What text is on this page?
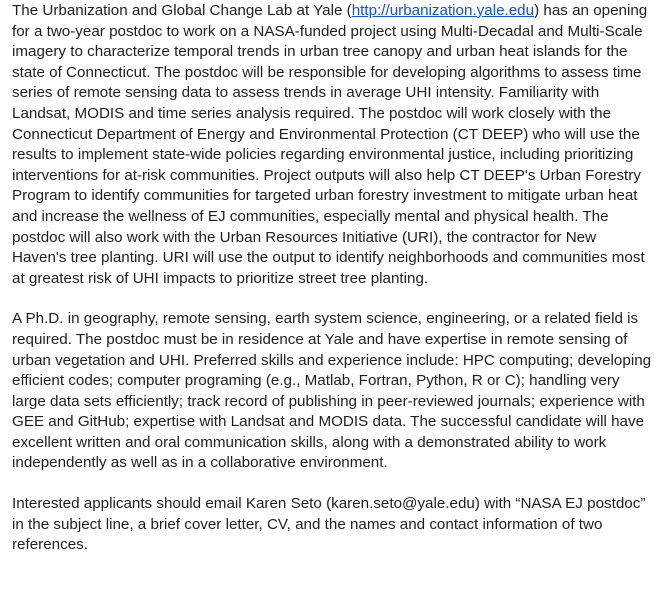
The Urbanization and Global Change Lab at Yale (http://urbanization.yale.edu) has an opening for a two-year postdoc to work on a NASA-funded project using Multi-Decadal and Multi-Scale imagery to characterize temporal trends in urban tree canopy and urban heat islands for the state of Connecticut. The postdoc will be responsible for developing algorithms to assess time series of remote sensing data to assess trends in average UHI intensity. Familiarity with Landsat, MODIS and time series analysis required. The postdoc will work closely with the Connecticut Department of Energy and Environmental Protection (CT DEEP) who will use the results to implement state-wide policies regarding environmental justice, including prioritizing interventions for at-risk communities. Project outputs will also help CT DEEP's Urban Forestry Program to identify communities for targeted urban forestry investment to mitigate urban heat and increase the wellness of EJ communities, especially mental and physical health. The postdoc will also work with the Urban Resources Initiative (URI), the contractor for New Haven's tree planting. URI will use the output to identify neighborhoods and communities most at greatest risk of UHI impacts to prioritize street tree planting.

A Ph.D. in geography, remote sensing, earth system science, engineering, or a related field is required. The postdoc must be in residence at Yale and have expertise in remote sensing of urban vegetation and UHI. Preferred skills and experience include: HPC computing; developing efficient codes; computer programing (e.g., Matlab, Fortran, Python, R or C); handling very large data sets efficiently; track record of publishing in peer-reviewed journals; experience with GEE and GitHub; expertise with Landsat and MODIS data. The successful candidate will have excellent written and oral communication skills, along with a demonstrated ability to work independently as well as in a collaborative environment.

Interested applicants should email Karen Seto (karen.seto@yale.edu) with “NASA EJ postdoc” in the subject line, a brief cover letter, CV, and the names and contact information of two references.
